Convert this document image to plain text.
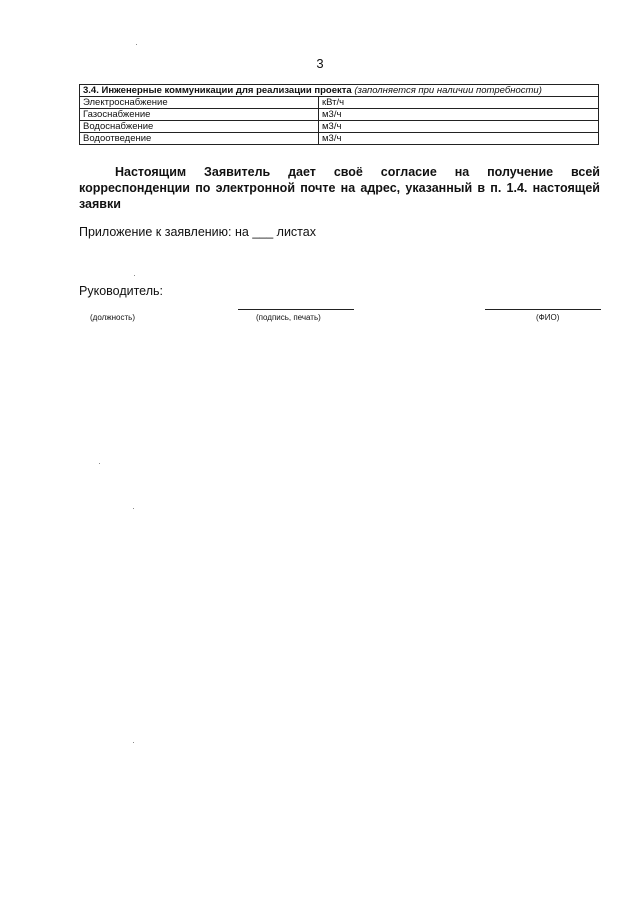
3
3.4. Инженерные коммуникации для реализации проекта (заполняется при наличии потребности)	
Электроснабжение	кВт/ч
Газоснабжение	м3/ч
Водоснабжение	м3/ч
Водоотведение	м3/ч

Настоящим Заявитель дает своё согласие на получение всей корреспонденции по электронной почте на адрес, указанный в п. 1.4. настоящей заявки

Приложение к заявлению: на ___ листах

Руководитель:

(должность)	(подпись, печать)	(ФИО)
